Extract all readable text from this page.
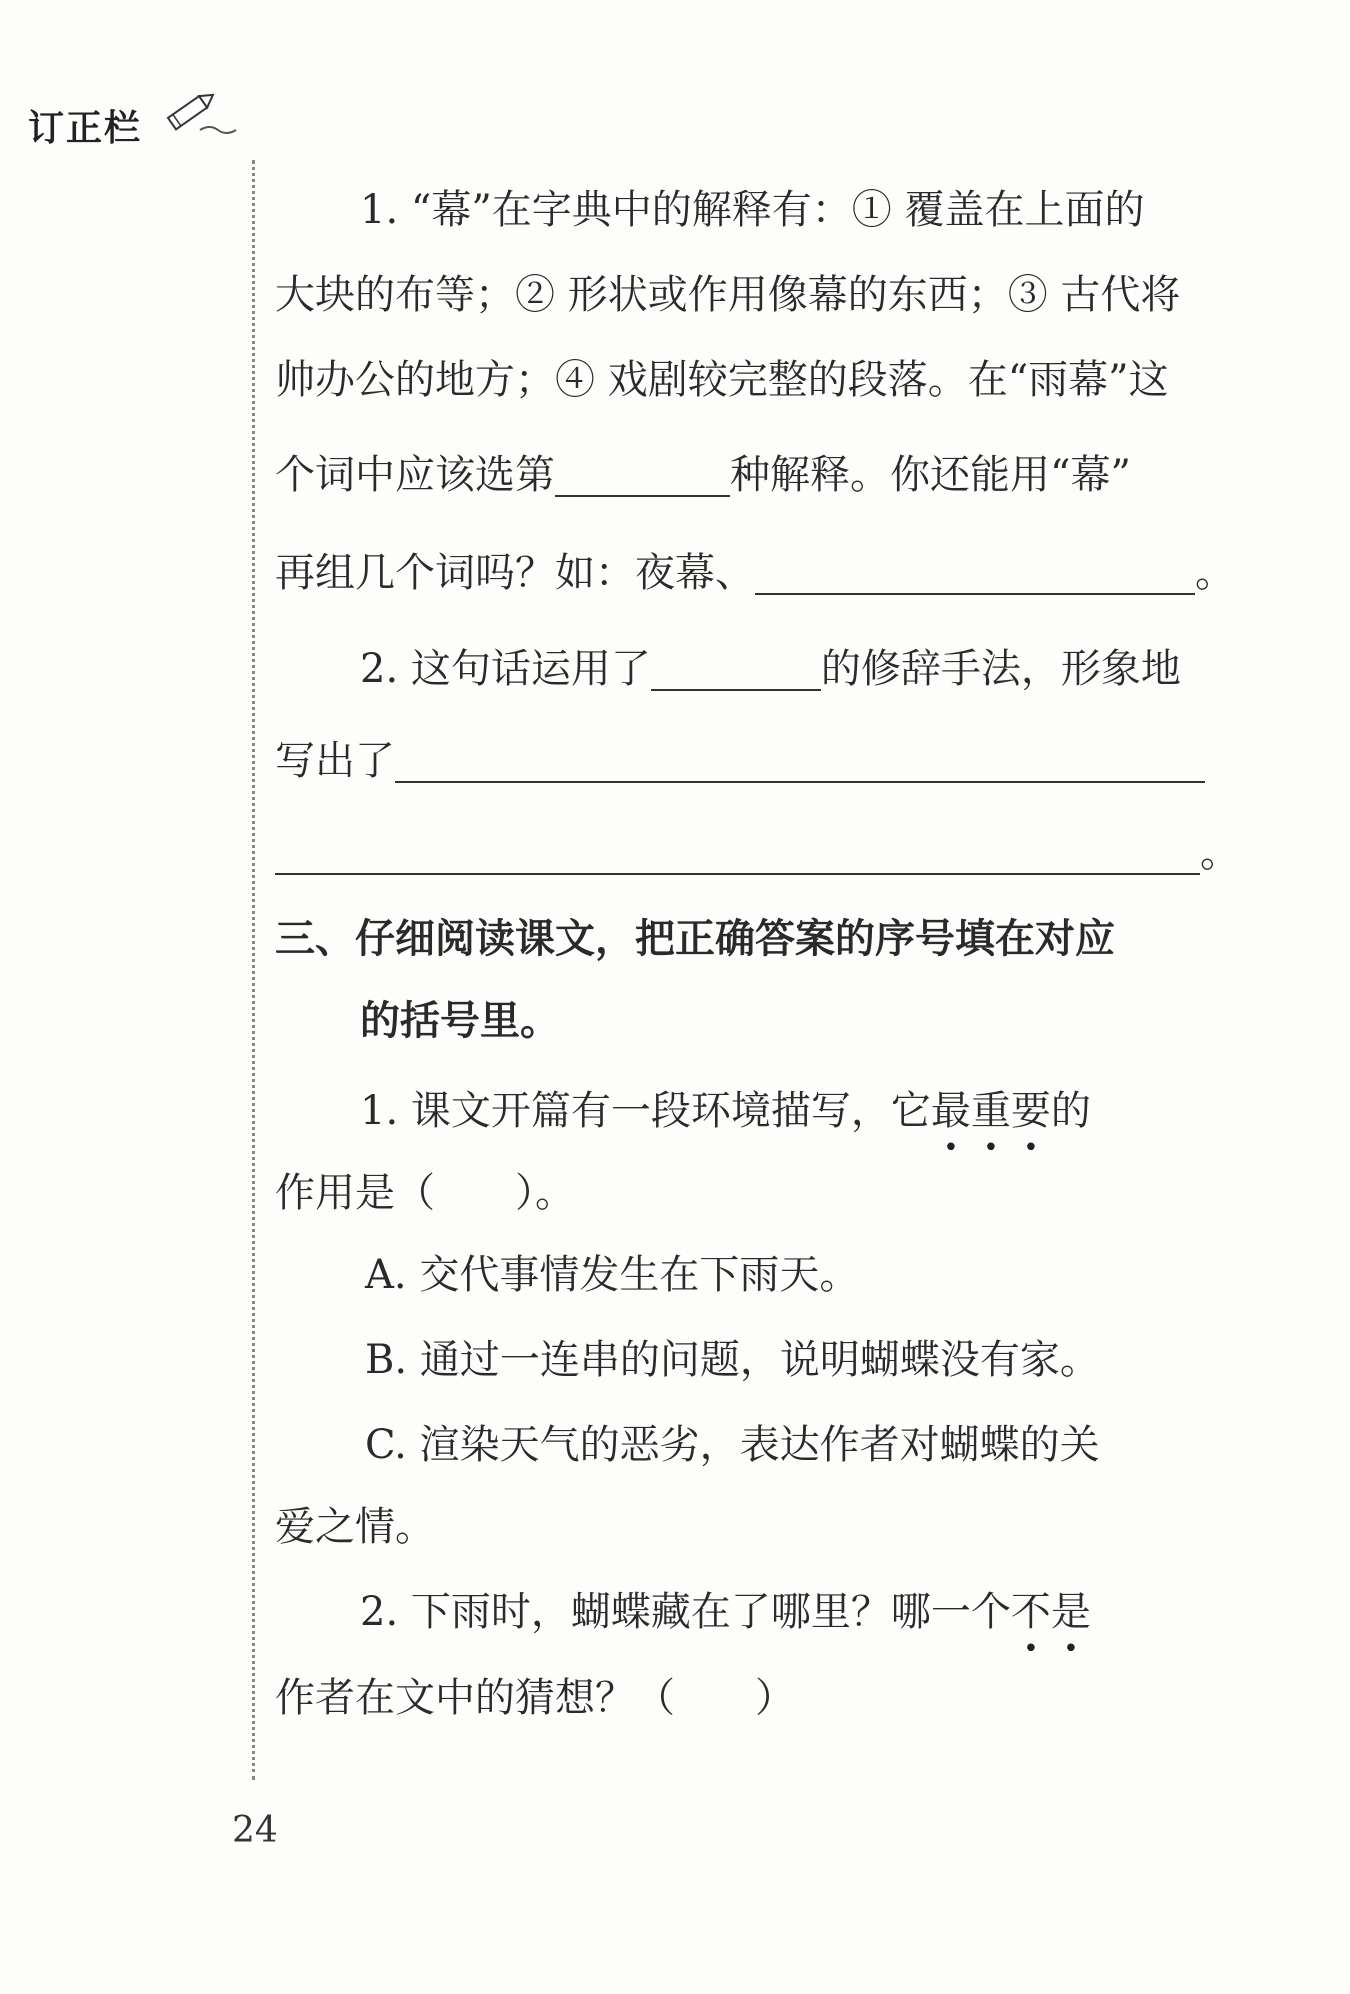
订正栏

1. “幕”在字典中的解释有：① 覆盖在上面的

大块的布等；② 形状或作用像幕的东西；③ 古代将

帅办公的地方；④ 戏剧较完整的段落。在“雨幕”这

个词中应该选第	种解释。你还能用“幕”

再组几个词吗？如：夜幕、	。

2. 这句话运用了	的修辞手法，形象地

写出了

。

三、仔细阅读课文，把正确答案的序号填在对应

的括号里。

1. 课文开篇有一段环境描写，它最重要的

作用是（　　）。

A. 交代事情发生在下雨天。

B. 通过一连串的问题，说明蝴蝶没有家。

C. 渲染天气的恶劣，表达作者对蝴蝶的关

爱之情。

2. 下雨时，蝴蝶藏在了哪里？哪一个不是

作者在文中的猜想？（　　）

24
